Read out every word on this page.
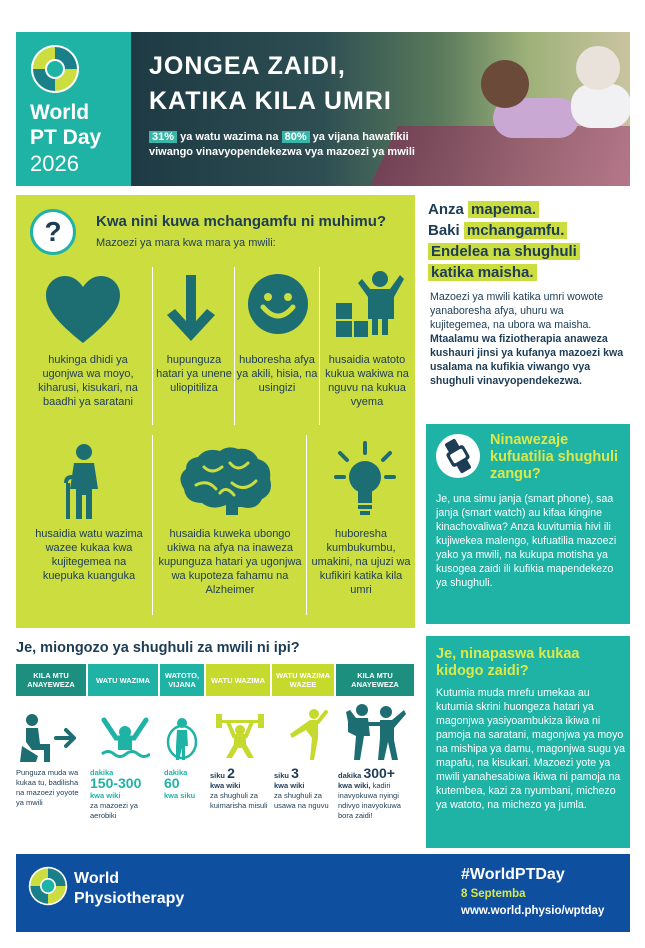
World
PT Day
2026
JONGEA ZAIDI,
KATIKA KILA UMRI
31% ya watu wazima na 80% ya vijana hawafikii viwango vinavyopendekezwa vya mazoezi ya mwili
?	Kwa nini kuwa mchangamfu ni muhimu?
Mazoezi ya mara kwa mara ya mwili:
hukinga dhidi ya ugonjwa wa moyo, kiharusi, kisukari, na baadhi ya saratani
hupunguza hatari ya unene uliopitiliza
huboresha afya ya akili, hisia, na usingizi
husaidia watoto kukua wakiwa na nguvu na kukua vyema
husaidia watu wazima wazee kukaa kwa kujitegemea na kuepuka kuanguka
husaidia kuweka ubongo ukiwa na afya na inaweza kupunguza hatari ya ugonjwa wa kupoteza fahamu na Alzheimer
huboresha kumbukumbu, umakini, na ujuzi wa kufikiri katika kila umri
Anza mapema.
Baki mchangamfu.
Endelea na shughuli
katika maisha.
Mazoezi ya mwili katika umri wowote yanaboresha afya, uhuru wa kujitegemea, na ubora wa maisha. Mtaalamu wa fiziotherapia anaweza kushauri jinsi ya kufanya mazoezi kwa usalama na kufikia viwango vya shughuli vinavyopendekezwa.
Ninawezaje kufuatilia shughuli zangu?
Je, una simu janja (smart phone), saa janja (smart watch) au kifaa kingine kinachovaliwa? Anza kuvitumia hivi ili kujiwekea malengo, kufuatilia mazoezi yako ya mwili, na kukupa motisha ya kusogea zaidi ili kufikia mapendekezo ya shughuli.
Je, ninapaswa kukaa kidogo zaidi?
Kutumia muda mrefu umekaa au kutumia skrini huongeza hatari ya magonjwa yasiyoambukiza ikiwa ni pamoja na saratani, magonjwa ya moyo na mishipa ya damu, magonjwa sugu ya mapafu, na kisukari. Mazoezi yote ya mwili yanahesabiwa ikiwa ni pamoja na kutembea, kazi za nyumbani, michezo ya watoto, na michezo ya jumla.
Je, miongozo ya shughuli za mwili ni ipi?
KILA MTU ANAYEWEZA	WATU WAZIMA	WATOTO, VIJANA	WATU WAZIMA	WATU WAZIMA WAZEE
KILA MTU ANAYEWEZA
Punguza muda wa kukaa tu, badilisha na mazoezi yoyote ya mwili
dakika
150-300
kwa wiki
za mazoezi ya aerobiki
dakika
60
kwa siku
siku 2
kwa wiki
za shughuli za kuimarisha misuli
siku 3
kwa wiki
za shughuli za usawa na nguvu
dakika 300+
kwa wiki, kadiri inavyokuwa nyingi ndivyo inavyokuwa bora zaidi!
World
Physiotherapy
#WorldPTDay
8 Septemba
www.world.physio/wptday
